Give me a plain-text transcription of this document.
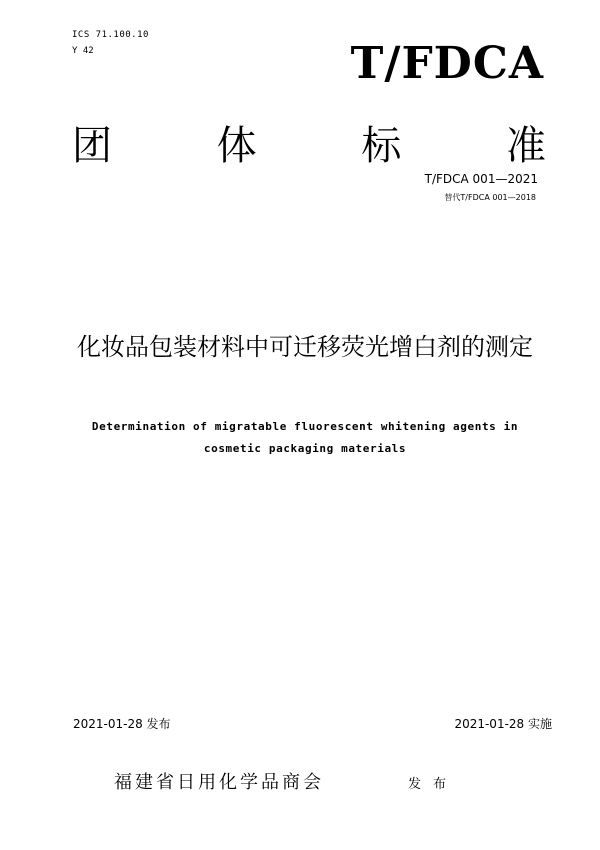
ICS 71.100.10
Y 42	T/FDCA
团	体	标	准
T/FDCA 001—2021
替代T/FDCA 001—2018
化妆品包装材料中可迁移荧光增白剂的测定
Determination of migratable fluorescent whitening agents in cosmetic packaging materials
2021-01-28 发布	2021-01-28 实施
福建省日用化学品商会	发布
